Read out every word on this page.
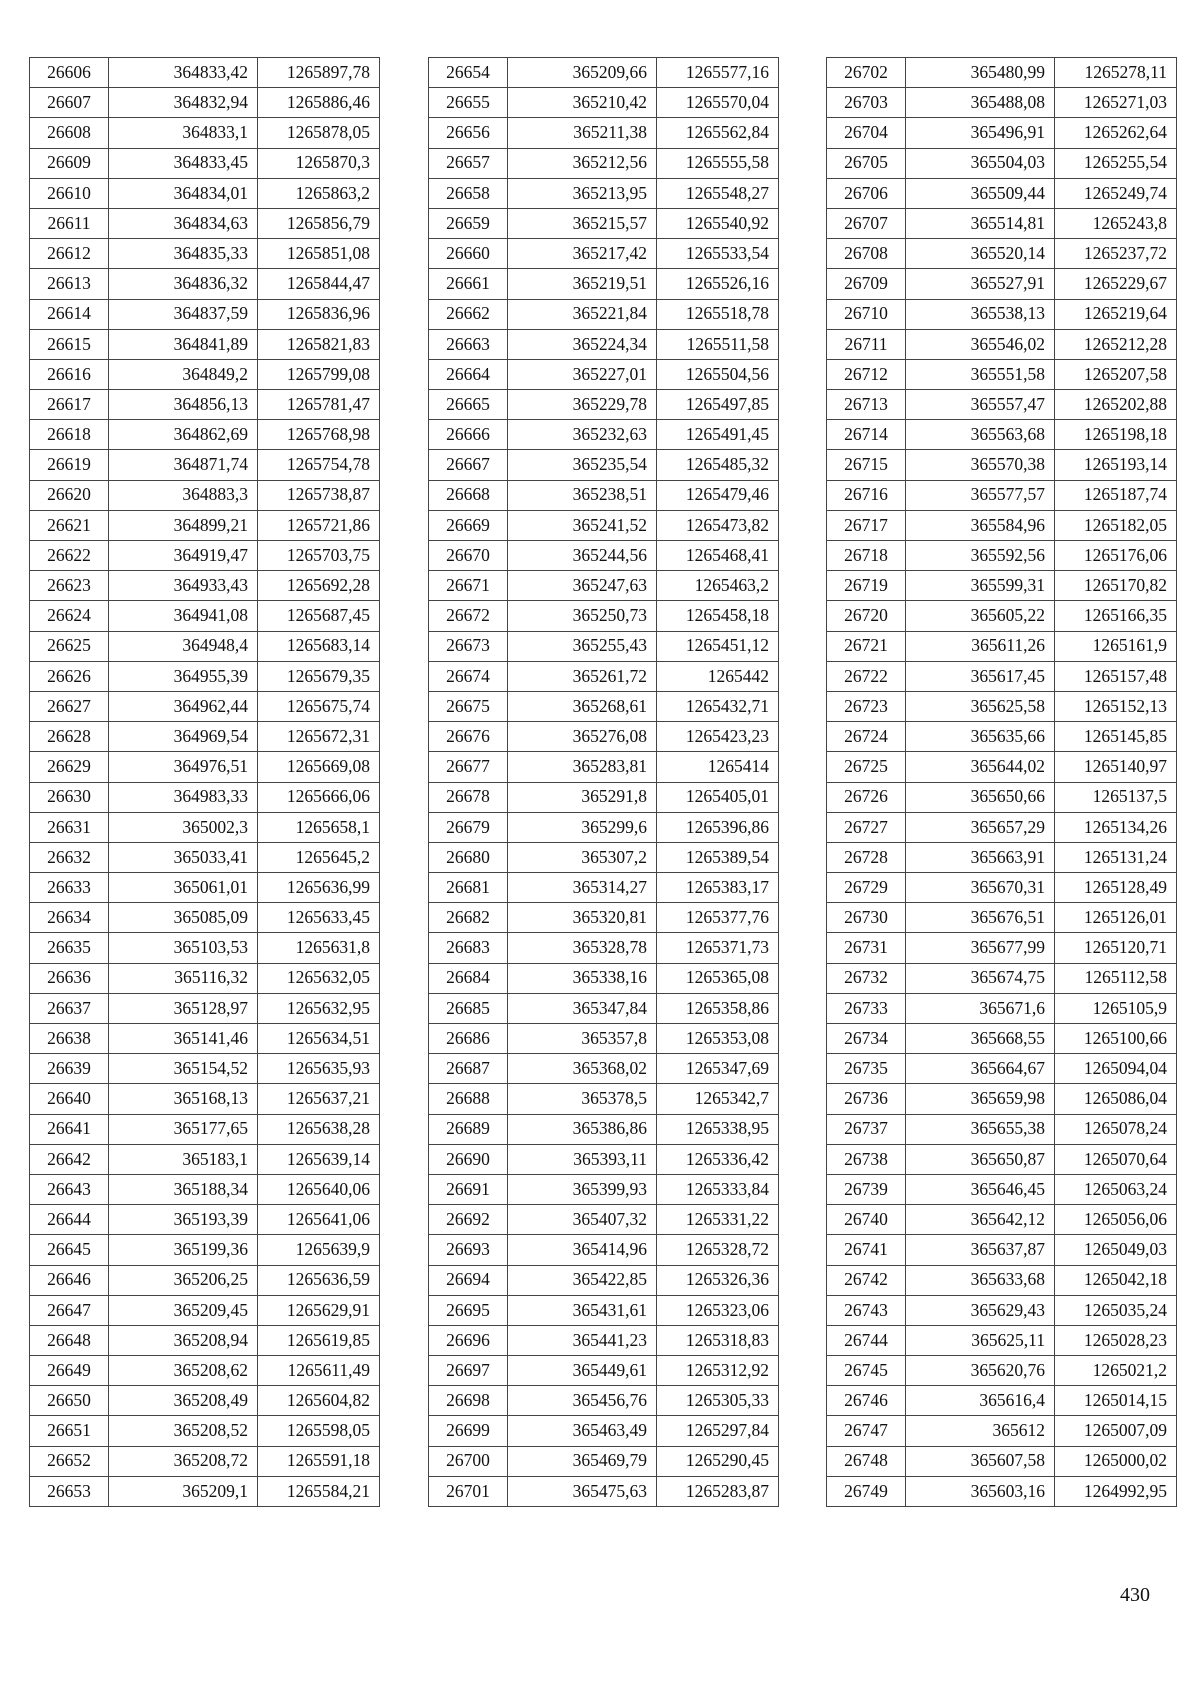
26606	364833,42	1265897,78
26607	364832,94	1265886,46
26608	364833,1	1265878,05
26609	364833,45	1265870,3
26610	364834,01	1265863,2
26611	364834,63	1265856,79
26612	364835,33	1265851,08
26613	364836,32	1265844,47
26614	364837,59	1265836,96
26615	364841,89	1265821,83
26616	364849,2	1265799,08
26617	364856,13	1265781,47
26618	364862,69	1265768,98
26619	364871,74	1265754,78
26620	364883,3	1265738,87
26621	364899,21	1265721,86
26622	364919,47	1265703,75
26623	364933,43	1265692,28
26624	364941,08	1265687,45
26625	364948,4	1265683,14
26626	364955,39	1265679,35
26627	364962,44	1265675,74
26628	364969,54	1265672,31
26629	364976,51	1265669,08
26630	364983,33	1265666,06
26631	365002,3	1265658,1
26632	365033,41	1265645,2
26633	365061,01	1265636,99
26634	365085,09	1265633,45
26635	365103,53	1265631,8
26636	365116,32	1265632,05
26637	365128,97	1265632,95
26638	365141,46	1265634,51
26639	365154,52	1265635,93
26640	365168,13	1265637,21
26641	365177,65	1265638,28
26642	365183,1	1265639,14
26643	365188,34	1265640,06
26644	365193,39	1265641,06
26645	365199,36	1265639,9
26646	365206,25	1265636,59
26647	365209,45	1265629,91
26648	365208,94	1265619,85
26649	365208,62	1265611,49
26650	365208,49	1265604,82
26651	365208,52	1265598,05
26652	365208,72	1265591,18
26653	365209,1	1265584,21
26654	365209,66	1265577,16
26655	365210,42	1265570,04
26656	365211,38	1265562,84
26657	365212,56	1265555,58
26658	365213,95	1265548,27
26659	365215,57	1265540,92
26660	365217,42	1265533,54
26661	365219,51	1265526,16
26662	365221,84	1265518,78
26663	365224,34	1265511,58
26664	365227,01	1265504,56
26665	365229,78	1265497,85
26666	365232,63	1265491,45
26667	365235,54	1265485,32
26668	365238,51	1265479,46
26669	365241,52	1265473,82
26670	365244,56	1265468,41
26671	365247,63	1265463,2
26672	365250,73	1265458,18
26673	365255,43	1265451,12
26674	365261,72	1265442
26675	365268,61	1265432,71
26676	365276,08	1265423,23
26677	365283,81	1265414
26678	365291,8	1265405,01
26679	365299,6	1265396,86
26680	365307,2	1265389,54
26681	365314,27	1265383,17
26682	365320,81	1265377,76
26683	365328,78	1265371,73
26684	365338,16	1265365,08
26685	365347,84	1265358,86
26686	365357,8	1265353,08
26687	365368,02	1265347,69
26688	365378,5	1265342,7
26689	365386,86	1265338,95
26690	365393,11	1265336,42
26691	365399,93	1265333,84
26692	365407,32	1265331,22
26693	365414,96	1265328,72
26694	365422,85	1265326,36
26695	365431,61	1265323,06
26696	365441,23	1265318,83
26697	365449,61	1265312,92
26698	365456,76	1265305,33
26699	365463,49	1265297,84
26700	365469,79	1265290,45
26701	365475,63	1265283,87
26702	365480,99	1265278,11
26703	365488,08	1265271,03
26704	365496,91	1265262,64
26705	365504,03	1265255,54
26706	365509,44	1265249,74
26707	365514,81	1265243,8
26708	365520,14	1265237,72
26709	365527,91	1265229,67
26710	365538,13	1265219,64
26711	365546,02	1265212,28
26712	365551,58	1265207,58
26713	365557,47	1265202,88
26714	365563,68	1265198,18
26715	365570,38	1265193,14
26716	365577,57	1265187,74
26717	365584,96	1265182,05
26718	365592,56	1265176,06
26719	365599,31	1265170,82
26720	365605,22	1265166,35
26721	365611,26	1265161,9
26722	365617,45	1265157,48
26723	365625,58	1265152,13
26724	365635,66	1265145,85
26725	365644,02	1265140,97
26726	365650,66	1265137,5
26727	365657,29	1265134,26
26728	365663,91	1265131,24
26729	365670,31	1265128,49
26730	365676,51	1265126,01
26731	365677,99	1265120,71
26732	365674,75	1265112,58
26733	365671,6	1265105,9
26734	365668,55	1265100,66
26735	365664,67	1265094,04
26736	365659,98	1265086,04
26737	365655,38	1265078,24
26738	365650,87	1265070,64
26739	365646,45	1265063,24
26740	365642,12	1265056,06
26741	365637,87	1265049,03
26742	365633,68	1265042,18
26743	365629,43	1265035,24
26744	365625,11	1265028,23
26745	365620,76	1265021,2
26746	365616,4	1265014,15
26747	365612	1265007,09
26748	365607,58	1265000,02
26749	365603,16	1264992,95
430
